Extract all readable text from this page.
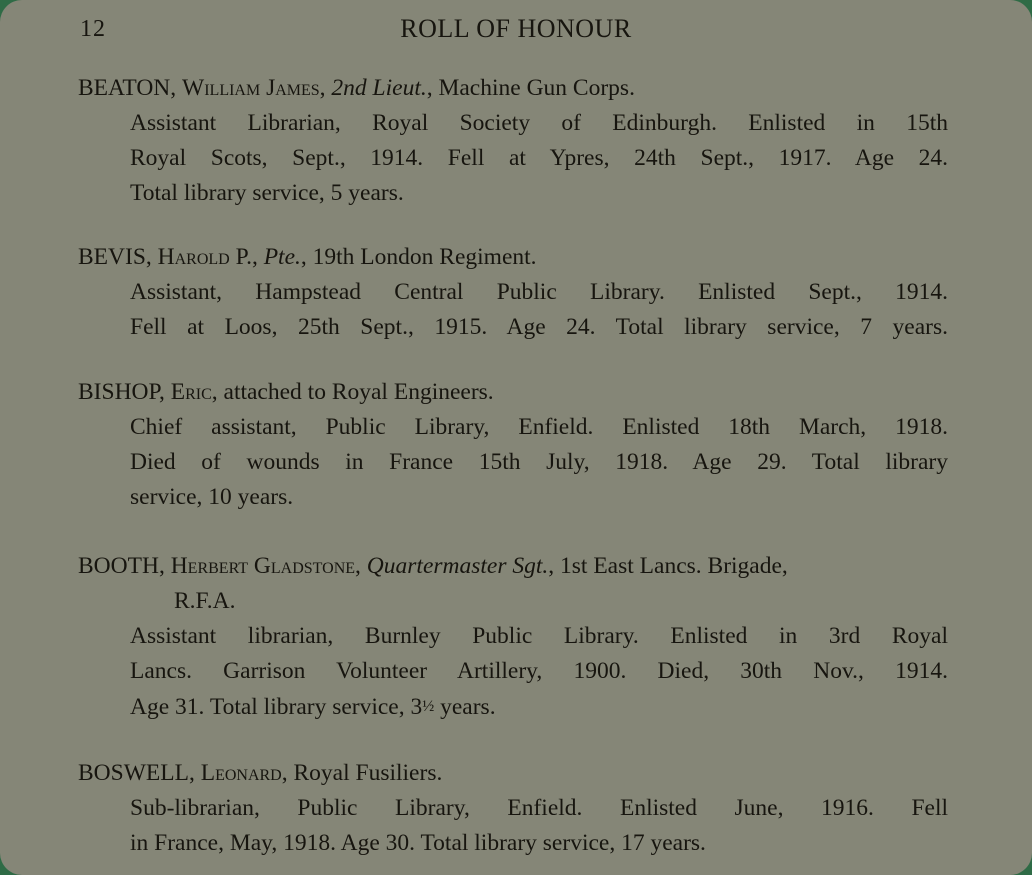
12	ROLL OF HONOUR
BEATON, William James, 2nd Lieut., Machine Gun Corps.
Assistant Librarian, Royal Society of Edinburgh. Enlisted in 15th
Royal Scots, Sept., 1914. Fell at Ypres, 24th Sept., 1917. Age 24.
Total library service, 5 years.
BEVIS, Harold P., Pte., 19th London Regiment.
Assistant, Hampstead Central Public Library. Enlisted Sept., 1914.
Fell at Loos, 25th Sept., 1915. Age 24. Total library service, 7 years.
BISHOP, Eric, attached to Royal Engineers.
Chief assistant, Public Library, Enfield. Enlisted 18th March, 1918.
Died of wounds in France 15th July, 1918. Age 29. Total library
service, 10 years.
BOOTH, Herbert Gladstone, Quartermaster Sgt., 1st East Lancs. Brigade,
R.F.A.
Assistant librarian, Burnley Public Library. Enlisted in 3rd Royal
Lancs. Garrison Volunteer Artillery, 1900. Died, 30th Nov., 1914.
Age 31. Total library service, 3½ years.
BOSWELL, Leonard, Royal Fusiliers.
Sub-librarian, Public Library, Enfield. Enlisted June, 1916. Fell
in France, May, 1918. Age 30. Total library service, 17 years.
